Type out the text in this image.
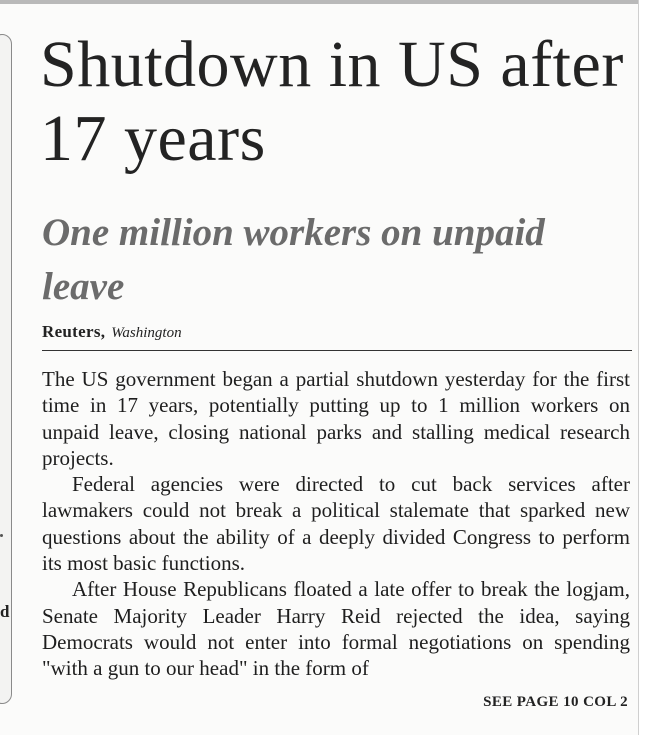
d
Shutdown in US after 17 years
One million workers on unpaid leave
Reuters, Washington

The US government began a partial shutdown yesterday for the first time in 17 years, potentially putting up to 1 million workers on unpaid leave, closing national parks and stalling medical research projects.

Federal agencies were directed to cut back services after lawmakers could not break a political stalemate that sparked new questions about the ability of a deeply divided Congress to perform its most basic functions.

After House Republicans floated a late offer to break the logjam, Senate Majority Leader Harry Reid rejected the idea, saying Democrats would not enter into formal negotiations on spending "with a gun to our head" in the form of

SEE PAGE 10 COL 2
